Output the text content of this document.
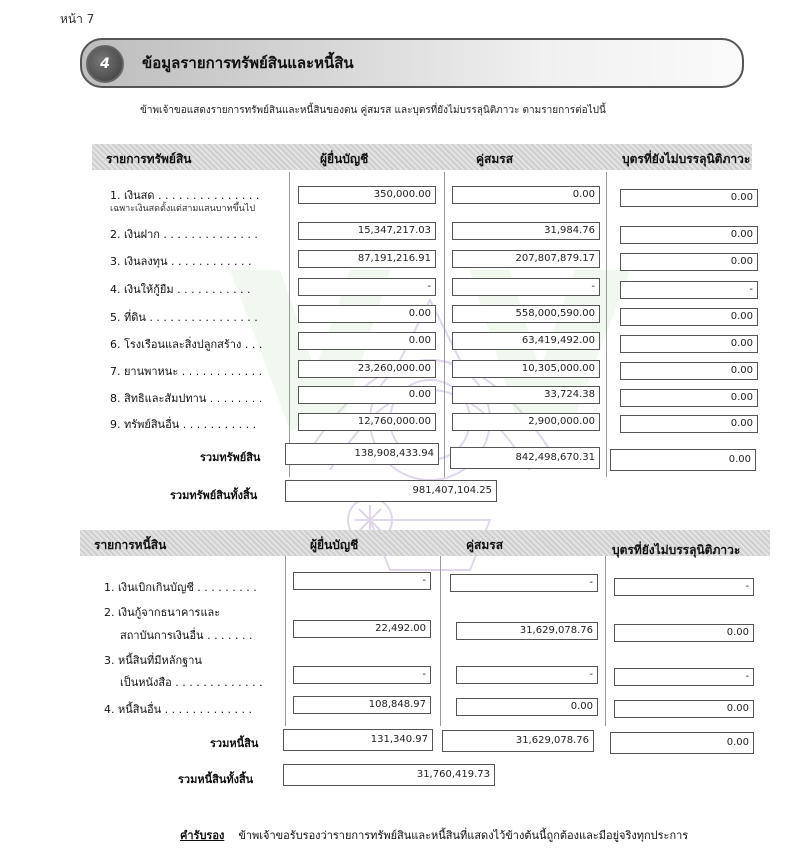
หน้า 7
4	ข้อมูลรายการทรัพย์สินและหนี้สิน
ข้าพเจ้าขอแสดงรายการทรัพย์สินและหนี้สินของตน คู่สมรส และบุตรที่ยังไม่บรรลุนิติภาวะ ตามรายการต่อไปนี้
รายการทรัพย์สิน	ผู้ยื่นบัญชี	คู่สมรส	บุตรที่ยังไม่บรรลุนิติภาวะ
1. เงินสด . . . . . . . . . . . . . . .
เฉพาะเงินสดตั้งแต่สามแสนบาทขึ้นไป
350,000.00	0.00	0.00
2. เงินฝาก . . . . . . . . . . . . . .	15,347,217.03	31,984.76	0.00
3. เงินลงทุน . . . . . . . . . . . .	87,191,216.91	207,807,879.17	0.00
4. เงินให้กู้ยืม . . . . . . . . . . .	-	-	-
5. ที่ดิน . . . . . . . . . . . . . . . .	0.00	558,000,590.00	0.00
6. โรงเรือนและสิ่งปลูกสร้าง . . .	0.00	63,419,492.00	0.00
7. ยานพาหนะ . . . . . . . . . . . .	23,260,000.00	10,305,000.00	0.00
8. สิทธิและสัมปทาน . . . . . . . .	0.00	33,724.38	0.00
9. ทรัพย์สินอื่น . . . . . . . . . . .	12,760,000.00	2,900,000.00	0.00
รวมทรัพย์สิน	138,908,433.94	842,498,670.31	0.00
รวมทรัพย์สินทั้งสิ้น	981,407,104.25
รายการหนี้สิน	ผู้ยื่นบัญชี	คู่สมรส	บุตรที่ยังไม่บรรลุนิติภาวะ
1. เงินเบิกเกินบัญชี . . . . . . . . .
-	-	-
2. เงินกู้จากธนาคารและ
สถาบันการเงินอื่น . . . . . . .
22,492.00	31,629,078.76	0.00
3. หนี้สินที่มีหลักฐาน
เป็นหนังสือ . . . . . . . . . . . . .
-	-	-
4. หนี้สินอื่น . . . . . . . . . . . . .	108,848.97	0.00	0.00
รวมหนี้สิน	131,340.97	31,629,078.76	0.00
รวมหนี้สินทั้งสิ้น	31,760,419.73
คำรับรอง ข้าพเจ้าขอรับรองว่ารายการทรัพย์สินและหนี้สินที่แสดงไว้ข้างต้นนี้ถูกต้องและมีอยู่จริงทุกประการ
